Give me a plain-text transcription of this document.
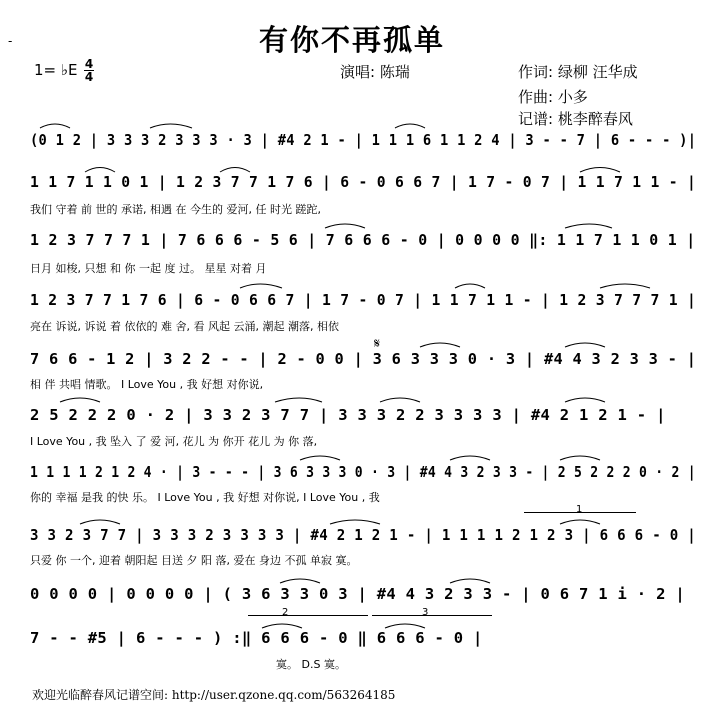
-	有你不再孤单
1= ♭E 4
4	演唱: 陈瑞	作词: 绿柳 汪华成
作曲: 小多
记谱: 桃李醉春风
(0 1 2 | 3 3 3 2 3 3 3 · 3 | #4 2 1 - | 1 1 1 6 1 1 2 4 | 3 - - 7 | 6 - - - )|
1 1 7 1 1 0 1 | 1 2 3 7 7 1 7 6 | 6 - 0 6 6 7 | 1 7 - 0 7 | 1 1 7 1 1 - |
我们 守着 前 世的 承诺, 相遇 在 今生的 爱河, 任 时光 蹉跎,
1 2 3 7 7 7 1 | 7 6 6 6 - 5 6 | 7 6 6 6 - 0 | 0 0 0 0 ‖: 1 1 7 1 1 0 1 |
日月 如梭, 只想 和 你 一起 度 过。 星星 对着 月
1 2 3 7 7 1 7 6 | 6 - 0 6 6 7 | 1 7 - 0 7 | 1 1 7 1 1 - | 1 2 3 7 7 7 1 |
亮在 诉说, 诉说 着 依依的 难 舍, 看 风起 云涌, 潮起 潮落, 相依
7 6 6 - 1 2 | 3 2 2 - - | 2 - 0 0 | 3 6 3 3 3 0 · 3 | #4 4 3 2 3 3 - |
相 伴 共唱 情歌。 I Love You , 我 好想 对你说,
2 5 2 2 2 0 · 2 | 3 3 2 3 7 7 | 3 3 3 2 2 3 3 3 3 | #4 2 1 2 1 - |
I Love You , 我 坠入 了 爱 河, 花儿 为 你开 花儿 为 你 落,
1 1 1 1 2 1 2 4 · | 3 - - - | 3 6 3 3 3 0 · 3 | #4 4 3 2 3 3 - | 2 5 2 2 2 0 · 2 |
你的 幸福 是我 的快 乐。 I Love You , 我 好想 对你说, I Love You , 我
3 3 2 3 7 7 | 3 3 3 2 3 3 3 3 | #4 2 1 2 1 - | 1 1 1 1 2 1 2 3 | 6 6 6 - 0 |
只爱 你 一个, 迎着 朝阳起 目送 夕 阳 落, 爱在 身边 不孤 单寂 寞。
0 0 0 0 | 0 0 0 0 | ( 3 6 3 3 0 3 | #4 4 3 2 3 3 - | 0 6 7 1 i · 2 |
7 - - #5 | 6 - - - ) :‖ 6 6 6 - 0 ‖ 6 6 6 - 0 |
寞。 D.S 寞。
1
2	3
𝄋
欢迎光临醉春风记谱空间: http://user.qzone.qq.com/563264185
